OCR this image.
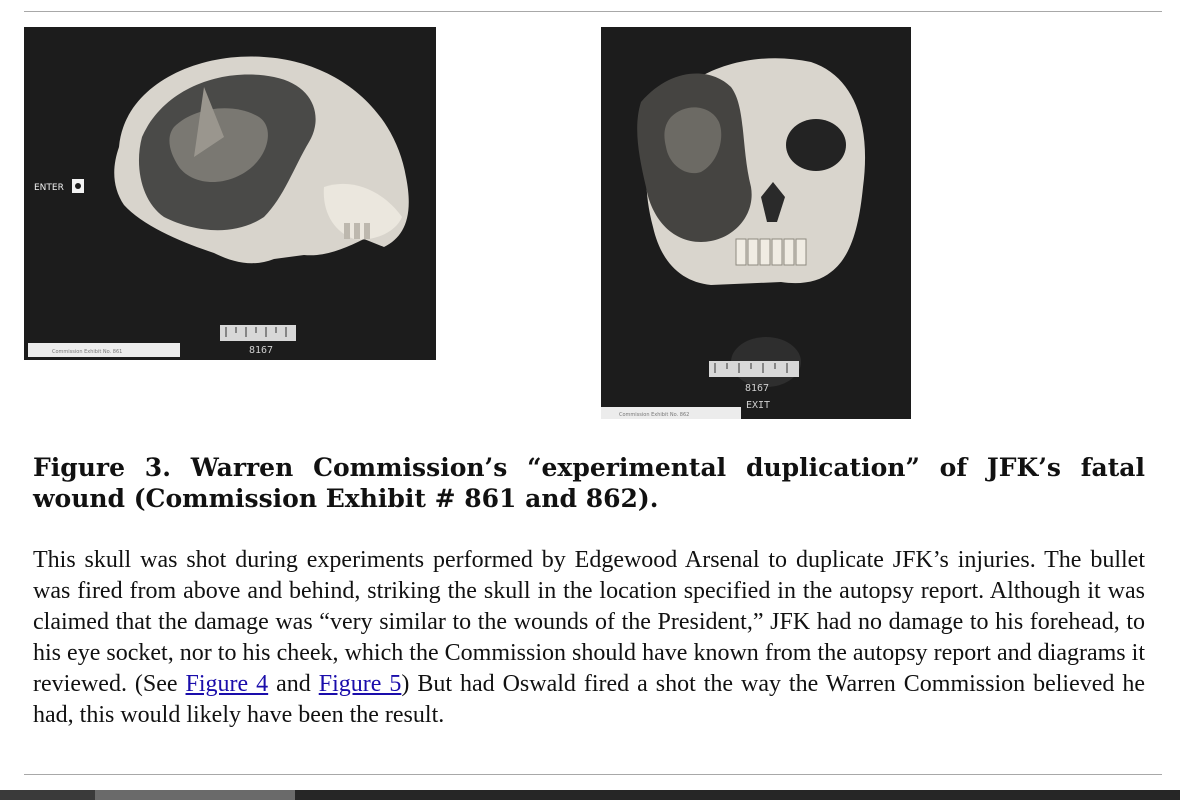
ENTER
8167
Commission Exhibit No. 861
8167
EXIT
Commission Exhibit No. 862

Figure 3. Warren Commission’s “experimental duplication” of JFK’s fatal wound (Commission Exhibit # 861 and 862).

This skull was shot during experiments performed by Edgewood Arsenal to duplicate JFK’s injuries. The bullet was fired from above and behind, striking the skull in the location specified in the autopsy report. Although it was claimed that the damage was “very similar to the wounds of the President,” JFK had no damage to his forehead, to his eye socket, nor to his cheek, which the Commission should have known from the autopsy report and diagrams it reviewed. (See Figure 4 and Figure 5) But had Oswald fired a shot the way the Warren Commission believed he had, this would likely have been the result.
